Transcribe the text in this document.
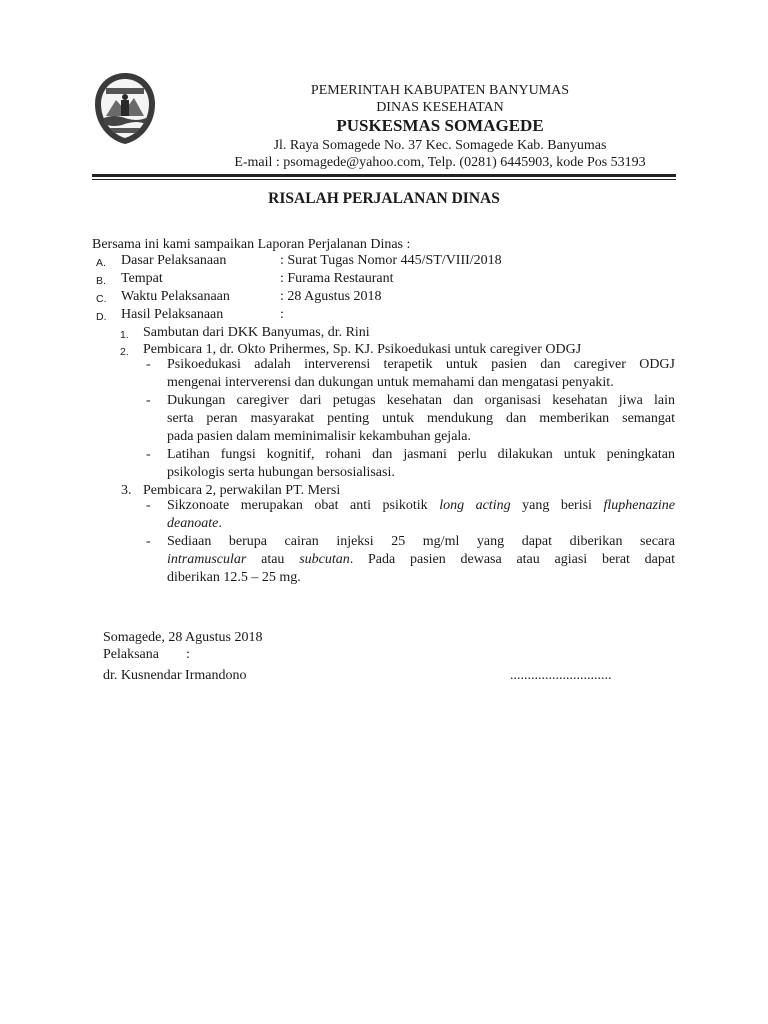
PEMERINTAH KABUPATEN BANYUMAS
DINAS KESEHATAN
PUSKESMAS SOMAGEDE
Jl. Raya Somagede No. 37 Kec. Somagede Kab. Banyumas
E-mail : psomagede@yahoo.com, Telp. (0281) 6445903, kode Pos 53193
RISALAH PERJALANAN DINAS
Bersama ini kami sampaikan Laporan Perjalanan Dinas :
A. Dasar Pelaksanaan	: Surat Tugas Nomor 445/ST/VIII/2018
B. Tempat	: Furama Restaurant
C. Waktu Pelaksanaan	: 28 Agustus 2018
D. Hasil Pelaksanaan	:
1. Sambutan dari DKK Banyumas, dr. Rini
2. Pembicara 1, dr. Okto Prihermes, Sp. KJ. Psikoedukasi untuk caregiver ODGJ
- Psikoedukasi adalah interverensi terapetik untuk pasien dan caregiver ODGJ
mengenai interverensi dan dukungan untuk memahami dan mengatasi penyakit.
- Dukungan caregiver dari petugas kesehatan dan organisasi kesehatan jiwa lain
serta peran masyarakat penting untuk mendukung dan memberikan semangat
pada pasien dalam meminimalisir kekambuhan gejala.
- Latihan fungsi kognitif, rohani dan jasmani perlu dilakukan untuk peningkatan
psikologis serta hubungan bersosialisasi.
3. Pembicara 2, perwakilan PT. Mersi
- Sikzonoate merupakan obat anti psikotik long acting yang berisi fluphenazine
deanoate.
- Sediaan berupa cairan injeksi 25 mg/ml yang dapat diberikan secara
intramuscular atau subcutan. Pada pasien dewasa atau agiasi berat dapat
diberikan 12.5 – 25 mg.
Somagede, 28 Agustus 2018
Pelaksana :
dr. Kusnendar Irmandono	.............................
